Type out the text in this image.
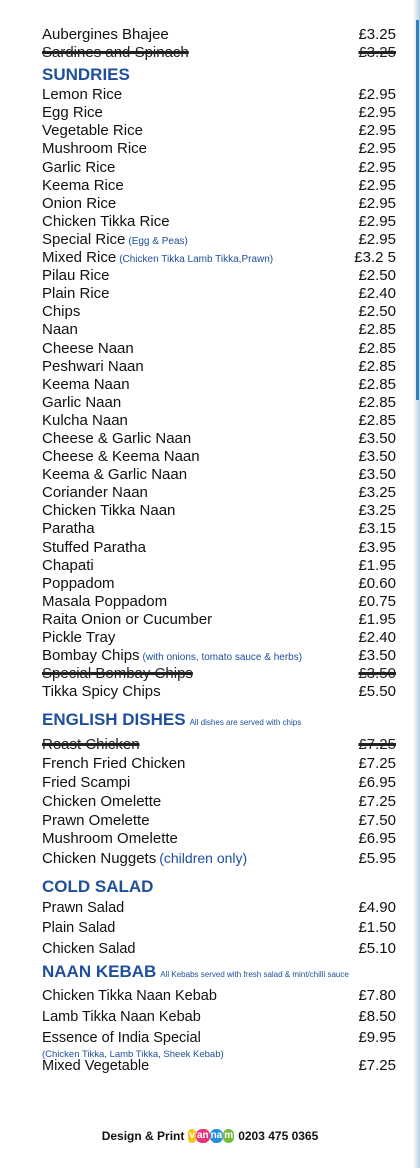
Aubergines Bhajee	£3.25
Sardines and Spinach	£3.25
SUNDRIES
Lemon Rice	£2.95
Egg Rice	£2.95
Vegetable Rice	£2.95
Mushroom Rice	£2.95
Garlic Rice	£2.95
Keema Rice	£2.95
Onion Rice	£2.95
Chicken Tikka Rice	£2.95
Special Rice (Egg & Peas)	£2.95
Mixed Rice (Chicken Tikka Lamb Tikka,Prawn)	£3.2 5
Pilau Rice	£2.50
Plain Rice	£2.40
Chips	£2.50
Naan	£2.85
Cheese Naan	£2.85
Peshwari Naan	£2.85
Keema Naan	£2.85
Garlic Naan	£2.85
Kulcha Naan	£2.85
Cheese & Garlic Naan	£3.50
Cheese & Keema Naan	£3.50
Keema & Garlic Naan	£3.50
Coriander Naan	£3.25
Chicken Tikka Naan	£3.25
Paratha	£3.15
Stuffed Paratha	£3.95
Chapati	£1.95
Poppadom	£0.60
Masala Poppadom	£0.75
Raita Onion or Cucumber	£1.95
Pickle Tray	£2.40
Bombay Chips (with onions, tomato sauce & herbs)	£3.50
Special Bombay Chips	£3.50
Tikka Spicy Chips	£5.50
ENGLISH DISHES All dishes are served with chips
Roast Chicken	£7.25
French Fried Chicken	£7.25
Fried Scampi	£6.95
Chicken Omelette	£7.25
Prawn Omelette	£7.50
Mushroom Omelette	£6.95
Chicken Nuggets (children only)	£5.95
COLD SALAD
Prawn Salad	£4.90
Plain Salad	£1.50
Chicken Salad	£5.10
NAAN KEBAB All Kebabs served with fresh salad & mint/chilli sauce
Chicken Tikka Naan Kebab	£7.80
Lamb Tikka Naan Kebab	£8.50
Essence of India Special	£9.95
(Chicken Tikka, Lamb Tikka, Sheek Kebab)
Mixed Vegetable	£7.25
Design & Print v an na m 0203 475 0365
